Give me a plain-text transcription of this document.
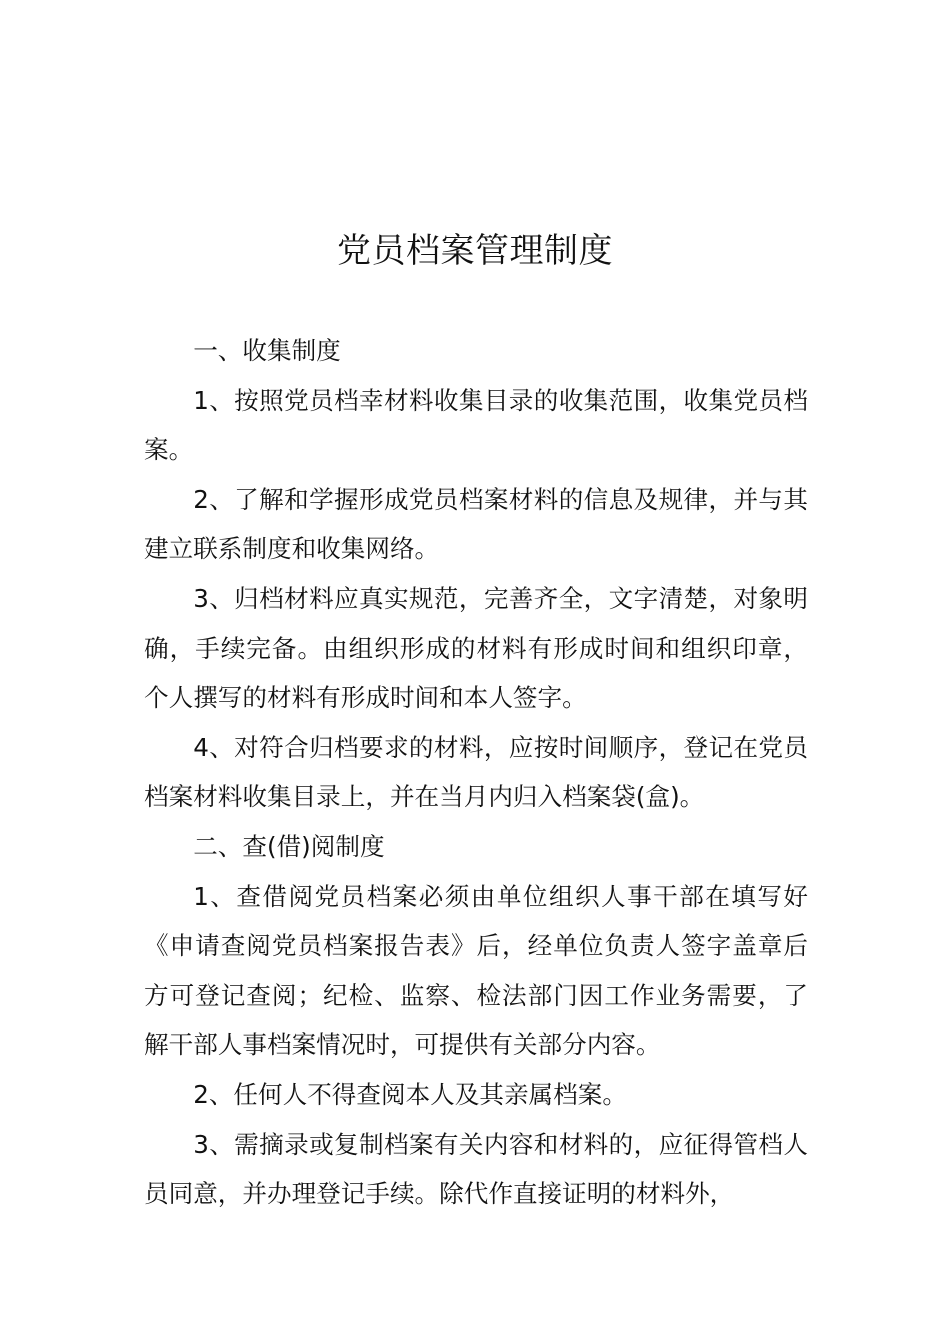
党员档案管理制度

一、收集制度

1、按照党员档幸材料收集目录的收集范围，收集党员档案。

2、了解和学握形成党员档案材料的信息及规律，并与其建立联系制度和收集网络。

3、归档材料应真实规范，完善齐全，文字清楚，对象明确，手续完备。由组织形成的材料有形成时间和组织印章，个人撰写的材料有形成时间和本人签字。

4、对符合归档要求的材料，应按时间顺序，登记在党员档案材料收集目录上，并在当月内归入档案袋(盒)。

二、查(借)阅制度

1、查借阅党员档案必须由单位组织人事干部在填写好《申请查阅党员档案报告表》后，经单位负责人签字盖章后方可登记查阅；纪检、监察、检法部门因工作业务需要，了解干部人事档案情况时，可提供有关部分内容。

2、任何人不得查阅本人及其亲属档案。

3、需摘录或复制档案有关内容和材料的，应征得管档人员同意，并办理登记手续。除代作直接证明的材料外，
